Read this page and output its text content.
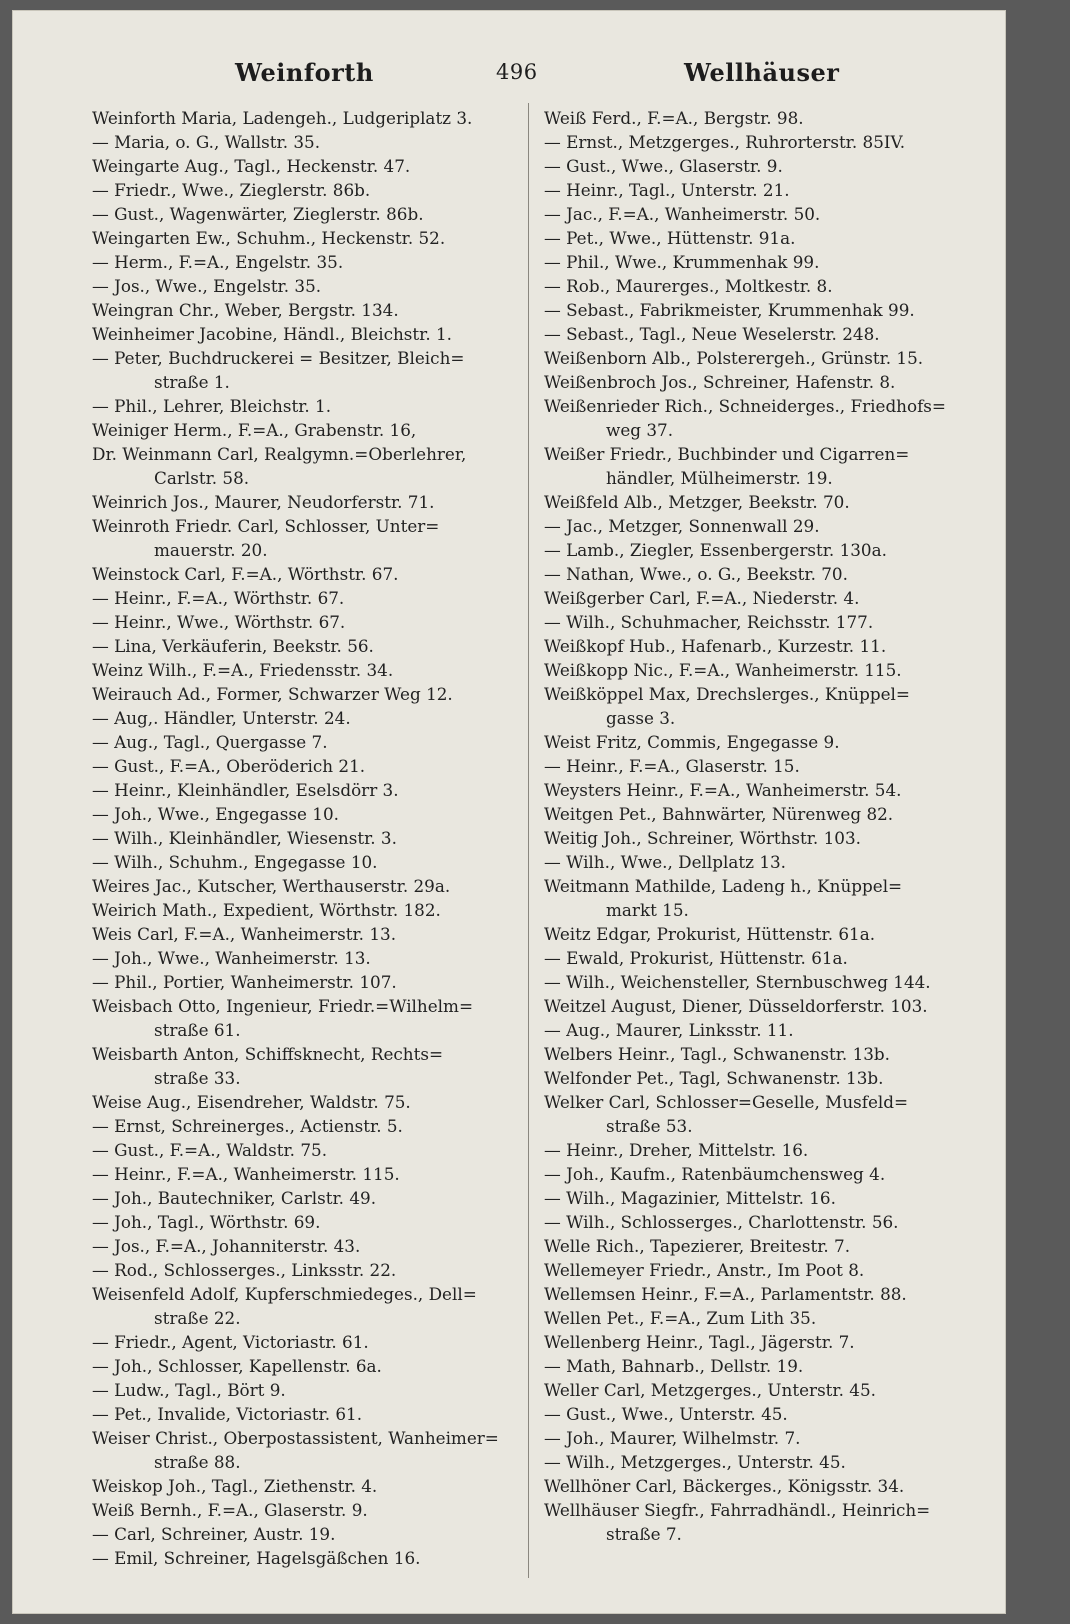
Weinforth	496	Wellhäuser
Weinforth Maria, Ladengeh., Ludgeriplatz 3.
— Maria, o. G., Wallstr. 35.
Weingarte Aug., Tagl., Heckenstr. 47.
— Friedr., Wwe., Zieglerstr. 86b.
— Gust., Wagenwärter, Zieglerstr. 86b.
Weingarten Ew., Schuhm., Heckenstr. 52.
— Herm., F.=A., Engelstr. 35.
— Jos., Wwe., Engelstr. 35.
Weingran Chr., Weber, Bergstr. 134.
Weinheimer Jacobine, Händl., Bleichstr. 1.
— Peter, Buchdruckerei = Besitzer, Bleich=
straße 1.
— Phil., Lehrer, Bleichstr. 1.
Weiniger Herm., F.=A., Grabenstr. 16,
Dr. Weinmann Carl, Realgymn.=Oberlehrer,
Carlstr. 58.
Weinrich Jos., Maurer, Neudorferstr. 71.
Weinroth Friedr. Carl, Schlosser, Unter=
mauerstr. 20.
Weinstock Carl, F.=A., Wörthstr. 67.
— Heinr., F.=A., Wörthstr. 67.
— Heinr., Wwe., Wörthstr. 67.
— Lina, Verkäuferin, Beekstr. 56.
Weinz Wilh., F.=A., Friedensstr. 34.
Weirauch Ad., Former, Schwarzer Weg 12.
— Aug,. Händler, Unterstr. 24.
— Aug., Tagl., Quergasse 7.
— Gust., F.=A., Oberöderich 21.
— Heinr., Kleinhändler, Eselsdörr 3.
— Joh., Wwe., Engegasse 10.
— Wilh., Kleinhändler, Wiesenstr. 3.
— Wilh., Schuhm., Engegasse 10.
Weires Jac., Kutscher, Werthauserstr. 29a.
Weirich Math., Expedient, Wörthstr. 182.
Weis Carl, F.=A., Wanheimerstr. 13.
— Joh., Wwe., Wanheimerstr. 13.
— Phil., Portier, Wanheimerstr. 107.
Weisbach Otto, Ingenieur, Friedr.=Wilhelm=
straße 61.
Weisbarth Anton, Schiffsknecht, Rechts=
straße 33.
Weise Aug., Eisendreher, Waldstr. 75.
— Ernst, Schreinerges., Actienstr. 5.
— Gust., F.=A., Waldstr. 75.
— Heinr., F.=A., Wanheimerstr. 115.
— Joh., Bautechniker, Carlstr. 49.
— Joh., Tagl., Wörthstr. 69.
— Jos., F.=A., Johanniterstr. 43.
— Rod., Schlosserges., Linksstr. 22.
Weisenfeld Adolf, Kupferschmiedeges., Dell=
straße 22.
— Friedr., Agent, Victoriastr. 61.
— Joh., Schlosser, Kapellenstr. 6a.
— Ludw., Tagl., Bört 9.
— Pet., Invalide, Victoriastr. 61.
Weiser Christ., Oberpostassistent, Wanheimer=
straße 88.
Weiskop Joh., Tagl., Ziethenstr. 4.
Weiß Bernh., F.=A., Glaserstr. 9.
— Carl, Schreiner, Austr. 19.
— Emil, Schreiner, Hagelsgäßchen 16.
Weiß Ferd., F.=A., Bergstr. 98.
— Ernst., Metzgerges., Ruhrorterstr. 85IV.
— Gust., Wwe., Glaserstr. 9.
— Heinr., Tagl., Unterstr. 21.
— Jac., F.=A., Wanheimerstr. 50.
— Pet., Wwe., Hüttenstr. 91a.
— Phil., Wwe., Krummenhak 99.
— Rob., Maurerges., Moltkestr. 8.
— Sebast., Fabrikmeister, Krummenhak 99.
— Sebast., Tagl., Neue Weselerstr. 248.
Weißenborn Alb., Polsterergeh., Grünstr. 15.
Weißenbroch Jos., Schreiner, Hafenstr. 8.
Weißenrieder Rich., Schneiderges., Friedhofs=
weg 37.
Weißer Friedr., Buchbinder und Cigarren=
händler, Mülheimerstr. 19.
Weißfeld Alb., Metzger, Beekstr. 70.
— Jac., Metzger, Sonnenwall 29.
— Lamb., Ziegler, Essenbergerstr. 130a.
— Nathan, Wwe., o. G., Beekstr. 70.
Weißgerber Carl, F.=A., Niederstr. 4.
— Wilh., Schuhmacher, Reichsstr. 177.
Weißkopf Hub., Hafenarb., Kurzestr. 11.
Weißkopp Nic., F.=A., Wanheimerstr. 115.
Weißköppel Max, Drechslerges., Knüppel=
gasse 3.
Weist Fritz, Commis, Engegasse 9.
— Heinr., F.=A., Glaserstr. 15.
Weysters Heinr., F.=A., Wanheimerstr. 54.
Weitgen Pet., Bahnwärter, Nürenweg 82.
Weitig Joh., Schreiner, Wörthstr. 103.
— Wilh., Wwe., Dellplatz 13.
Weitmann Mathilde, Ladeng h., Knüppel=
markt 15.
Weitz Edgar, Prokurist, Hüttenstr. 61a.
— Ewald, Prokurist, Hüttenstr. 61a.
— Wilh., Weichensteller, Sternbuschweg 144.
Weitzel August, Diener, Düsseldorferstr. 103.
— Aug., Maurer, Linksstr. 11.
Welbers Heinr., Tagl., Schwanenstr. 13b.
Welfonder Pet., Tagl, Schwanenstr. 13b.
Welker Carl, Schlosser=Geselle, Musfeld=
straße 53.
— Heinr., Dreher, Mittelstr. 16.
— Joh., Kaufm., Ratenbäumchensweg 4.
— Wilh., Magazinier, Mittelstr. 16.
— Wilh., Schlosserges., Charlottenstr. 56.
Welle Rich., Tapezierer, Breitestr. 7.
Wellemeyer Friedr., Anstr., Im Poot 8.
Wellemsen Heinr., F.=A., Parlamentstr. 88.
Wellen Pet., F.=A., Zum Lith 35.
Wellenberg Heinr., Tagl., Jägerstr. 7.
— Math, Bahnarb., Dellstr. 19.
Weller Carl, Metzgerges., Unterstr. 45.
— Gust., Wwe., Unterstr. 45.
— Joh., Maurer, Wilhelmstr. 7.
— Wilh., Metzgerges., Unterstr. 45.
Wellhöner Carl, Bäckerges., Königsstr. 34.
Wellhäuser Siegfr., Fahrradhändl., Heinrich=
straße 7.
